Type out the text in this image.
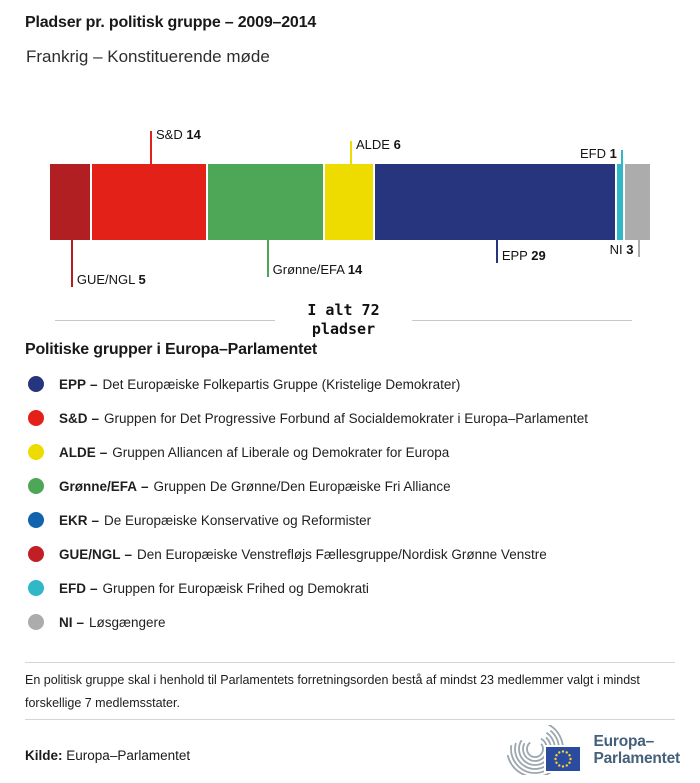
Pladser pr. politisk gruppe – 2009–2014
Frankrig – Konstituerende møde
GUE/NGL 5
S&D 14
Grønne/EFA 14
ALDE 6
EPP 29
EFD 1
NI 3
I alt 72
pladser
Politiske grupper i Europa–Parlamentet
EPP – Det Europæiske Folkepartis Gruppe (Kristelige Demokrater)
S&D – Gruppen for Det Progressive Forbund af Socialdemokrater i Europa–Parlamentet
ALDE – Gruppen Alliancen af Liberale og Demokrater for Europa
Grønne/EFA – Gruppen De Grønne/Den Europæiske Fri Alliance
EKR – De Europæiske Konservative og Reformister
GUE/NGL – Den Europæiske Venstrefløjs Fællesgruppe/Nordisk Grønne Venstre
EFD – Gruppen for Europæisk Frihed og Demokrati
NI – Løsgængere
En politisk gruppe skal i henhold til Parlamentets forretningsorden bestå af mindst 23 medlemmer valgt i mindst forskellige 7 medlemsstater.
Kilde: Europa–Parlamentet
Europa–
Parlamentet
